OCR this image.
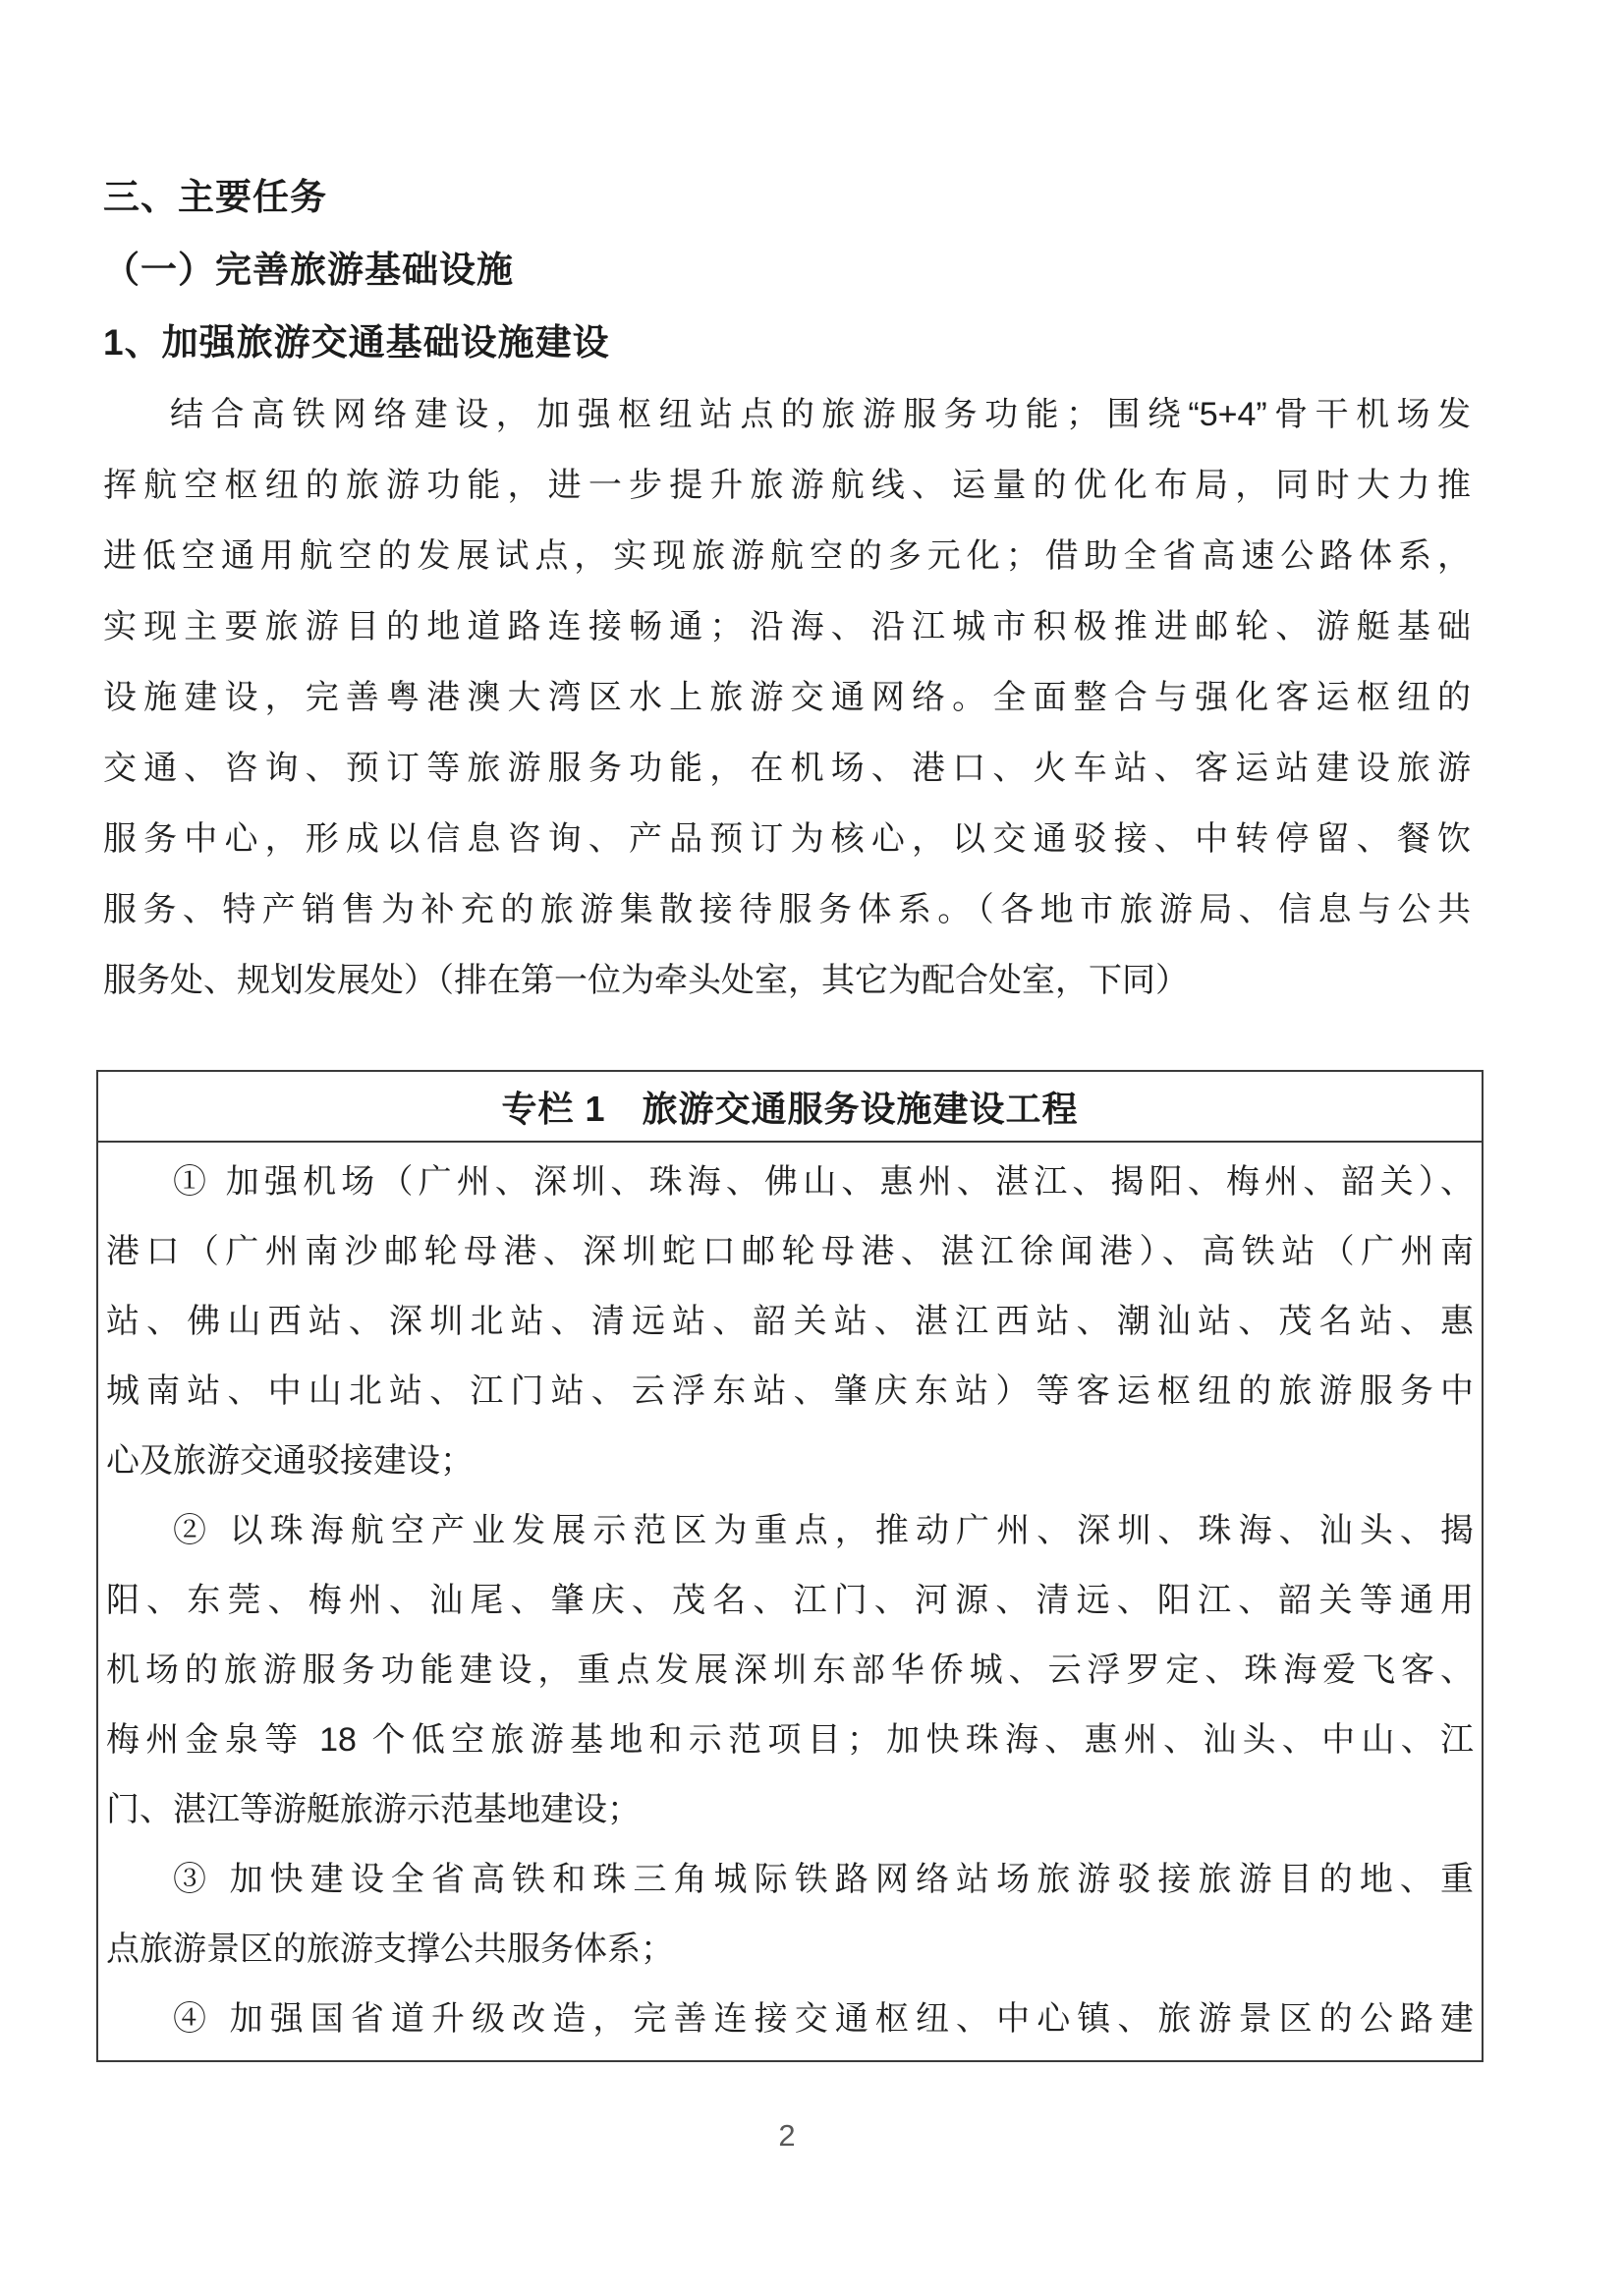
三、主要任务
（一）完善旅游基础设施
1、加强旅游交通基础设施建设
结合高铁网络建设，加强枢纽站点的旅游服务功能；围绕“5+4”骨干机场发
挥航空枢纽的旅游功能，进一步提升旅游航线、运量的优化布局，同时大力推
进低空通用航空的发展试点，实现旅游航空的多元化；借助全省高速公路体系，
实现主要旅游目的地道路连接畅通；沿海、沿江城市积极推进邮轮、游艇基础
设施建设，完善粤港澳大湾区水上旅游交通网络。全面整合与强化客运枢纽的
交通、咨询、预订等旅游服务功能，在机场、港口、火车站、客运站建设旅游
服务中心，形成以信息咨询、产品预订为核心，以交通驳接、中转停留、餐饮
服务、特产销售为补充的旅游集散接待服务体系。（各地市旅游局、信息与公共
服务处、规划发展处）（排在第一位为牵头处室，其它为配合处室，下同）
专栏 1　旅游交通服务设施建设工程
① 加强机场（广州、深圳、珠海、佛山、惠州、湛江、揭阳、梅州、韶关）、
港口（广州南沙邮轮母港、深圳蛇口邮轮母港、湛江徐闻港）、高铁站（广州南
站、佛山西站、深圳北站、清远站、韶关站、湛江西站、潮汕站、茂名站、惠
城南站、中山北站、江门站、云浮东站、肇庆东站）等客运枢纽的旅游服务中
心及旅游交通驳接建设；
② 以珠海航空产业发展示范区为重点，推动广州、深圳、珠海、汕头、揭
阳、东莞、梅州、汕尾、肇庆、茂名、江门、河源、清远、阳江、韶关等通用
机场的旅游服务功能建设，重点发展深圳东部华侨城、云浮罗定、珠海爱飞客、
梅州金泉等 18 个低空旅游基地和示范项目；加快珠海、惠州、汕头、中山、江
门、湛江等游艇旅游示范基地建设；
③ 加快建设全省高铁和珠三角城际铁路网络站场旅游驳接旅游目的地、重
点旅游景区的旅游支撑公共服务体系；
④ 加强国省道升级改造，完善连接交通枢纽、中心镇、旅游景区的公路建
2
